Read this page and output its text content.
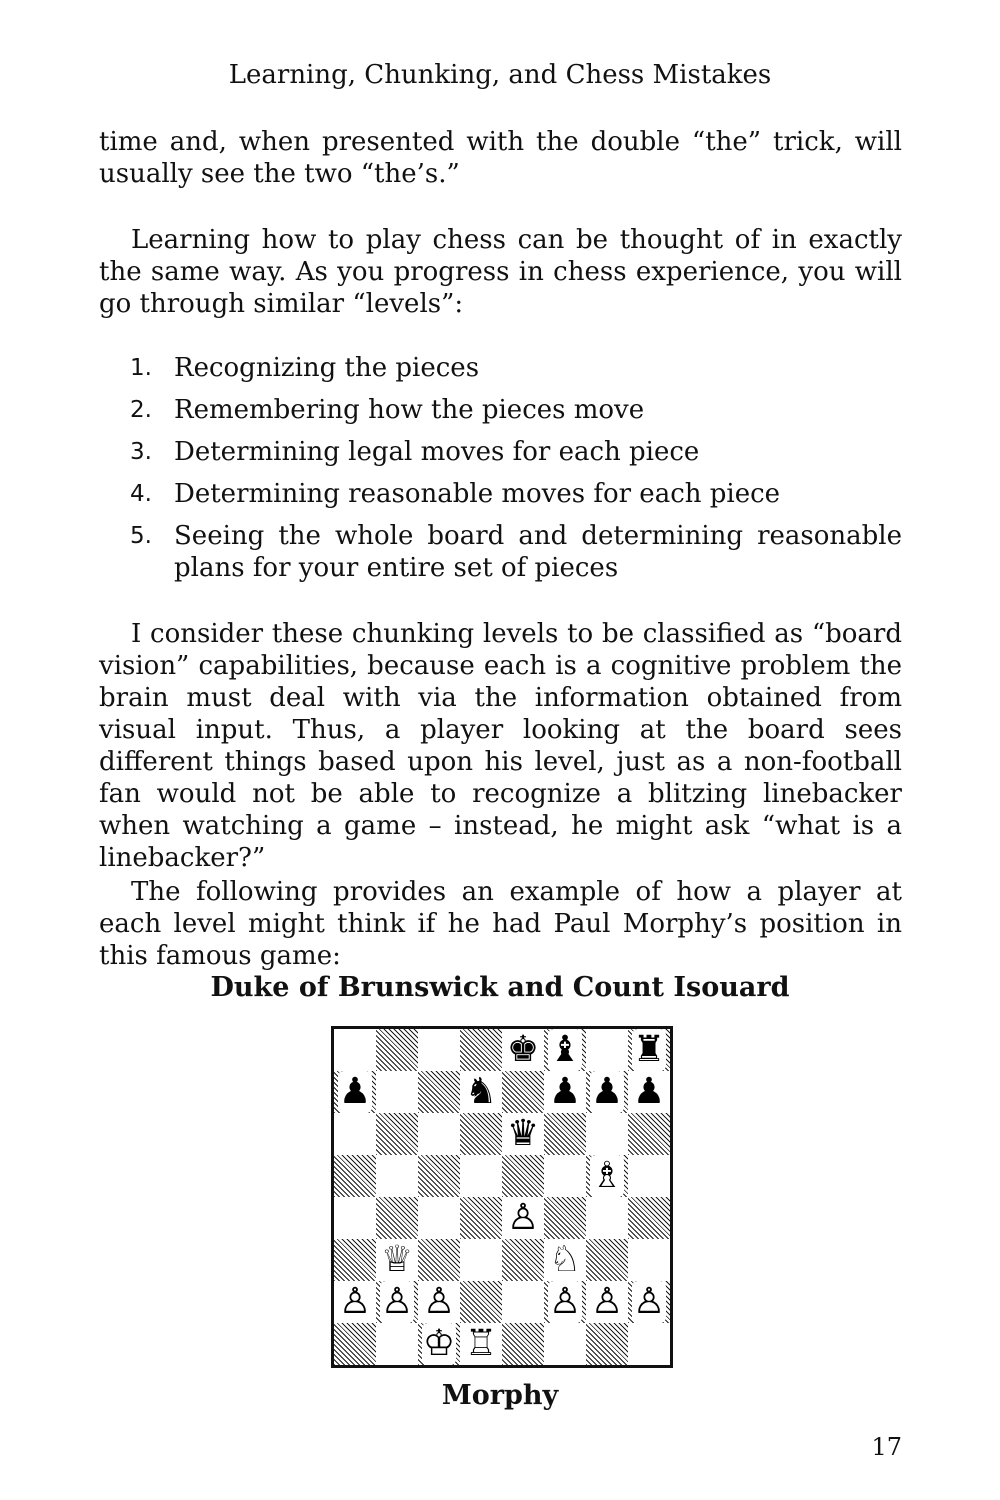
Learning, Chunking, and Chess Mistakes

time and, when presented with the double “the” trick, will usually see the two “the’s.”

Learning how to play chess can be thought of in exactly the same way. As you progress in chess experience, you will go through similar “levels”:

1. Recognizing the pieces
2. Remembering how the pieces move
3. Determining legal moves for each piece
4. Determining reasonable moves for each piece
5. Seeing the whole board and determining reasonable plans for your entire set of pieces

I consider these chunking levels to be classified as “board vision” capabilities, because each is a cognitive problem the brain must deal with via the information obtained from visual input. Thus, a player looking at the board sees different things based upon his level, just as a non-football fan would not be able to recognize a blitzing linebacker when watching a game – instead, he might ask “what is a linebacker?”

The following provides an example of how a player at each level might think if he had Paul Morphy’s position in this famous game:

Duke of Brunswick and Count Isouard
♚ ♝ ♜
♟	♞ ♟ ♟ ♟
♛
♗
♙
♕	♘
♙ ♙ ♙	♙ ♙ ♙
♔ ♖
Morphy
17
